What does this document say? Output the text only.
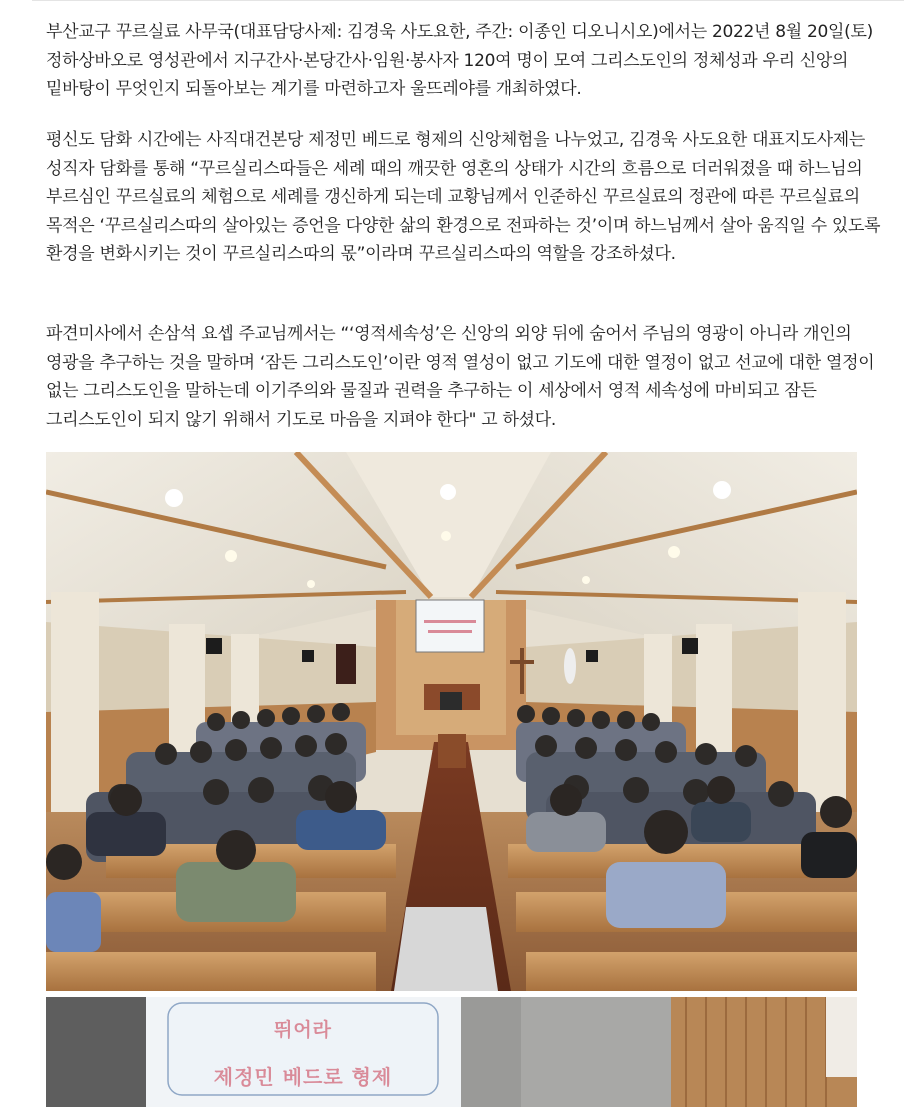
부산교구 꾸르실료 사무국(대표담당사제: 김경욱 사도요한, 주간: 이종인 디오니시오)에서는 2022년 8월 20일(토) 정하상바오로 영성관에서 지구간사·본당간사·임원·봉사자 120여 명이 모여 그리스도인의 정체성과 우리 신앙의 밑바탕이 무엇인지 되돌아보는 계기를 마련하고자 울뜨레야를 개최하였다.

평신도 담화 시간에는 사직대건본당 제정민 베드로 형제의 신앙체험을 나누었고, 김경욱 사도요한 대표지도사제는 성직자 담화를 통해 “꾸르실리스따들은 세례 때의 깨끗한 영혼의 상태가 시간의 흐름으로 더러워졌을 때 하느님의 부르심인 꾸르실료의 체험으로 세례를 갱신하게 되는데 교황님께서 인준하신 꾸르실료의 정관에 따른 꾸르실료의 목적은 ‘꾸르실리스따의 살아있는 증언을 다양한 삶의 환경으로 전파하는 것’이며 하느님께서 살아 움직일 수 있도록 환경을 변화시키는 것이 꾸르실리스따의 몫”이라며 꾸르실리스따의 역할을 강조하셨다.

파견미사에서 손삼석 요셉 주교님께서는 “‘영적세속성’은 신앙의 외양 뒤에 숨어서 주님의 영광이 아니라 개인의 영광을 추구하는 것을 말하며 ‘잠든 그리스도인’이란 영적 열성이 없고 기도에 대한 열정이 없고 선교에 대한 열정이 없는 그리스도인을 말하는데 이기주의와 물질과 권력을 추구하는 이 세상에서 영적 세속성에 마비되고 잠든 그리스도인이 되지 않기 위해서 기도로 마음을 지펴야 한다" 고 하셨다.

뛰어라
제정민 베드로 형제
